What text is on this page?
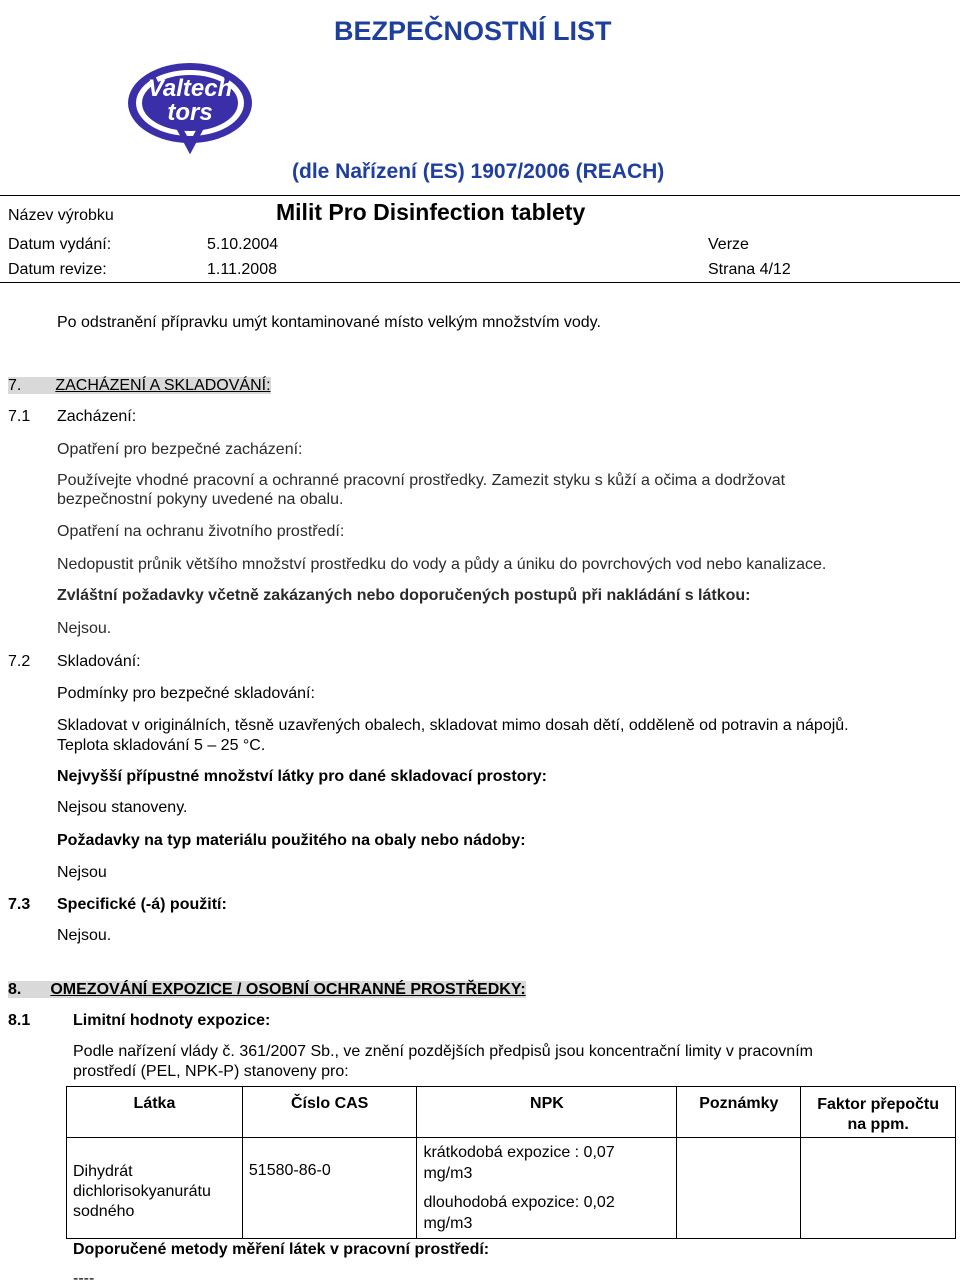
BEZPEČNOSTNÍ LIST
Valtech
tors
(dle Nařízení (ES) 1907/2006 (REACH)
Název výrobku	Milit Pro Disinfection tablety
Datum vydání:	5.10.2004	Verze
Datum revize:	1.11.2008	Strana 4/12
Po odstranění přípravku umýt kontaminované místo velkým množstvím vody.
7. ZACHÁZENÍ A SKLADOVÁNÍ:
7.1 Zacházení:
Opatření pro bezpečné zacházení:
Používejte vhodné pracovní a ochranné pracovní prostředky. Zamezit styku s kůží a očima a dodržovat
bezpečnostní pokyny uvedené na obalu.
Opatření na ochranu životního prostředí:
Nedopustit průnik většího množství prostředku do vody a půdy a úniku do povrchových vod nebo kanalizace.
Zvláštní požadavky včetně zakázaných nebo doporučených postupů při nakládání s látkou:
Nejsou.
7.2 Skladování:
Podmínky pro bezpečné skladování:
Skladovat v originálních, těsně uzavřených obalech, skladovat mimo dosah dětí, odděleně od potravin a nápojů.
Teplota skladování 5 – 25 °C.
Nejvyšší přípustné množství látky pro dané skladovací prostory:
Nejsou stanoveny.
Požadavky na typ materiálu použitého na obaly nebo nádoby:
Nejsou
7.3 Specifické (-á) použití:
Nejsou.
8. OMEZOVÁNÍ EXPOZICE / OSOBNÍ OCHRANNÉ PROSTŘEDKY:
8.1	Limitní hodnoty expozice:
Podle nařízení vlády č. 361/2007 Sb., ve znění pozdějších předpisů jsou koncentrační limity v pracovním
prostředí (PEL, NPK-P) stanoveny pro:
Látka	Číslo CAS	NPK	Poznámky	Faktor přepočtu na ppm.
Dihydrát dichlorisokyanurátu sodného	51580-86-0	krátkodobá expozice : 0,07 mg/m3
dlouhodobá expozice: 0,02 mg/m3		

Doporučené metody měření látek v pracovní prostředí:
----
